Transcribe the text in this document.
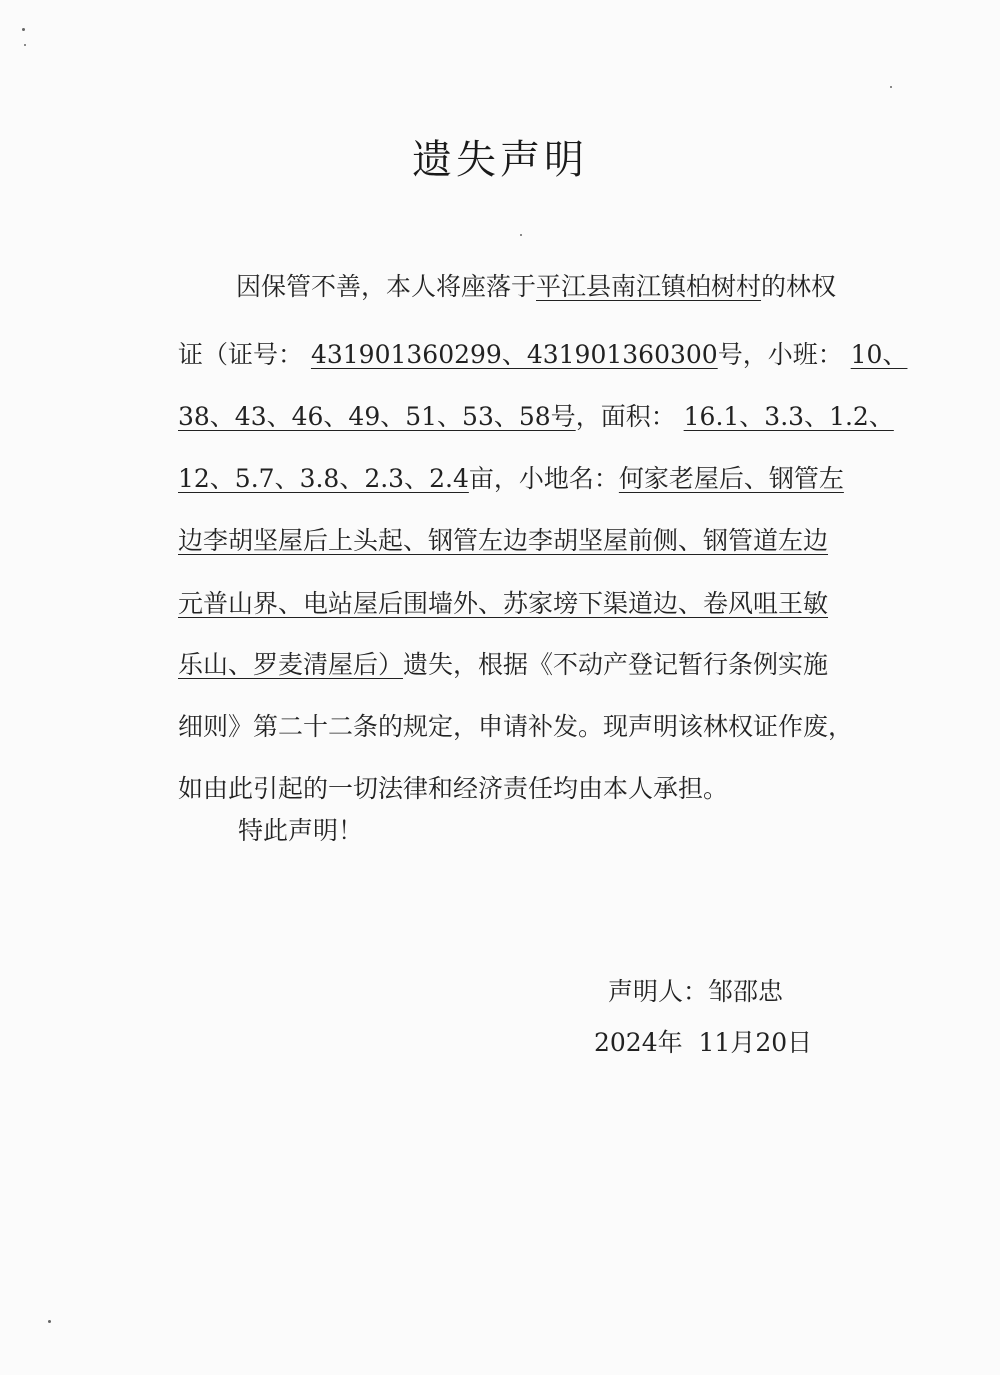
遗失声明
因保管不善，本人将座落于平江县南江镇柏树村的林权
证（证号： 431901360299、431901360300号，小班： 10、
38、43、46、49、51、53、58号，面积： 16.1、3.3、1.2、
12、5.7、3.8、2.3、2.4亩，小地名：何家老屋后、钢管左
边李胡坚屋后上头起、钢管左边李胡坚屋前侧、钢管道左边
元普山界、电站屋后围墙外、苏家塝下渠道边、卷风咀王敏
乐山、罗麦清屋后）遗失，根据《不动产登记暂行条例实施
细则》第二十二条的规定，申请补发。现声明该林权证作废，
如由此引起的一切法律和经济责任均由本人承担。
特此声明！
声明人：邹邵忠
2024年  11月20日
